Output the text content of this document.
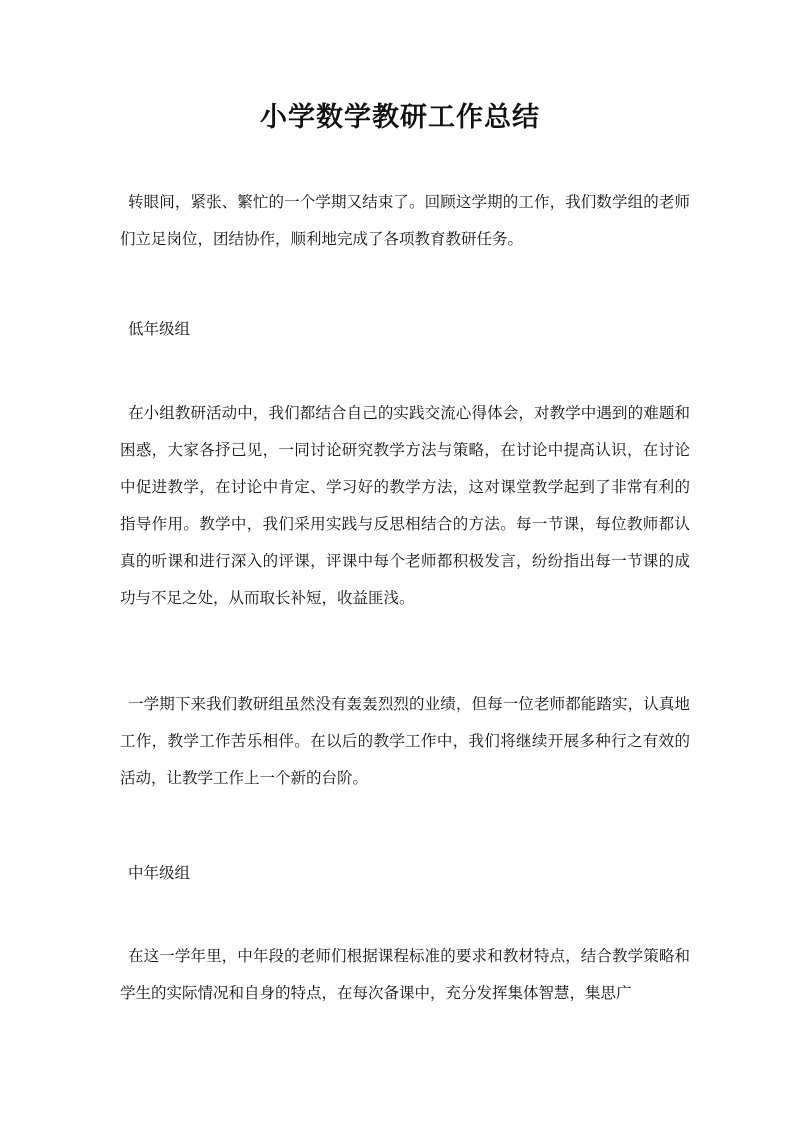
小学数学教研工作总结

转眼间，紧张、繁忙的一个学期又结束了。回顾这学期的工作，我们数学组的老师们立足岗位，团结协作，顺利地完成了各项教育教研任务。

低年级组

在小组教研活动中，我们都结合自己的实践交流心得体会，对教学中遇到的难题和困惑，大家各抒己见，一同讨论研究教学方法与策略，在讨论中提高认识，在讨论中促进教学，在讨论中肯定、学习好的教学方法，这对课堂教学起到了非常有利的指导作用。教学中，我们采用实践与反思相结合的方法。每一节课，每位教师都认真的听课和进行深入的评课，评课中每个老师都积极发言，纷纷指出每一节课的成功与不足之处，从而取长补短，收益匪浅。

一学期下来我们教研组虽然没有轰轰烈烈的业绩，但每一位老师都能踏实，认真地工作，教学工作苦乐相伴。在以后的教学工作中，我们将继续开展多种行之有效的活动，让教学工作上一个新的台阶。

中年级组

在这一学年里，中年段的老师们根据课程标准的要求和教材特点，结合教学策略和学生的实际情况和自身的特点，在每次备课中，充分发挥集体智慧，集思广
